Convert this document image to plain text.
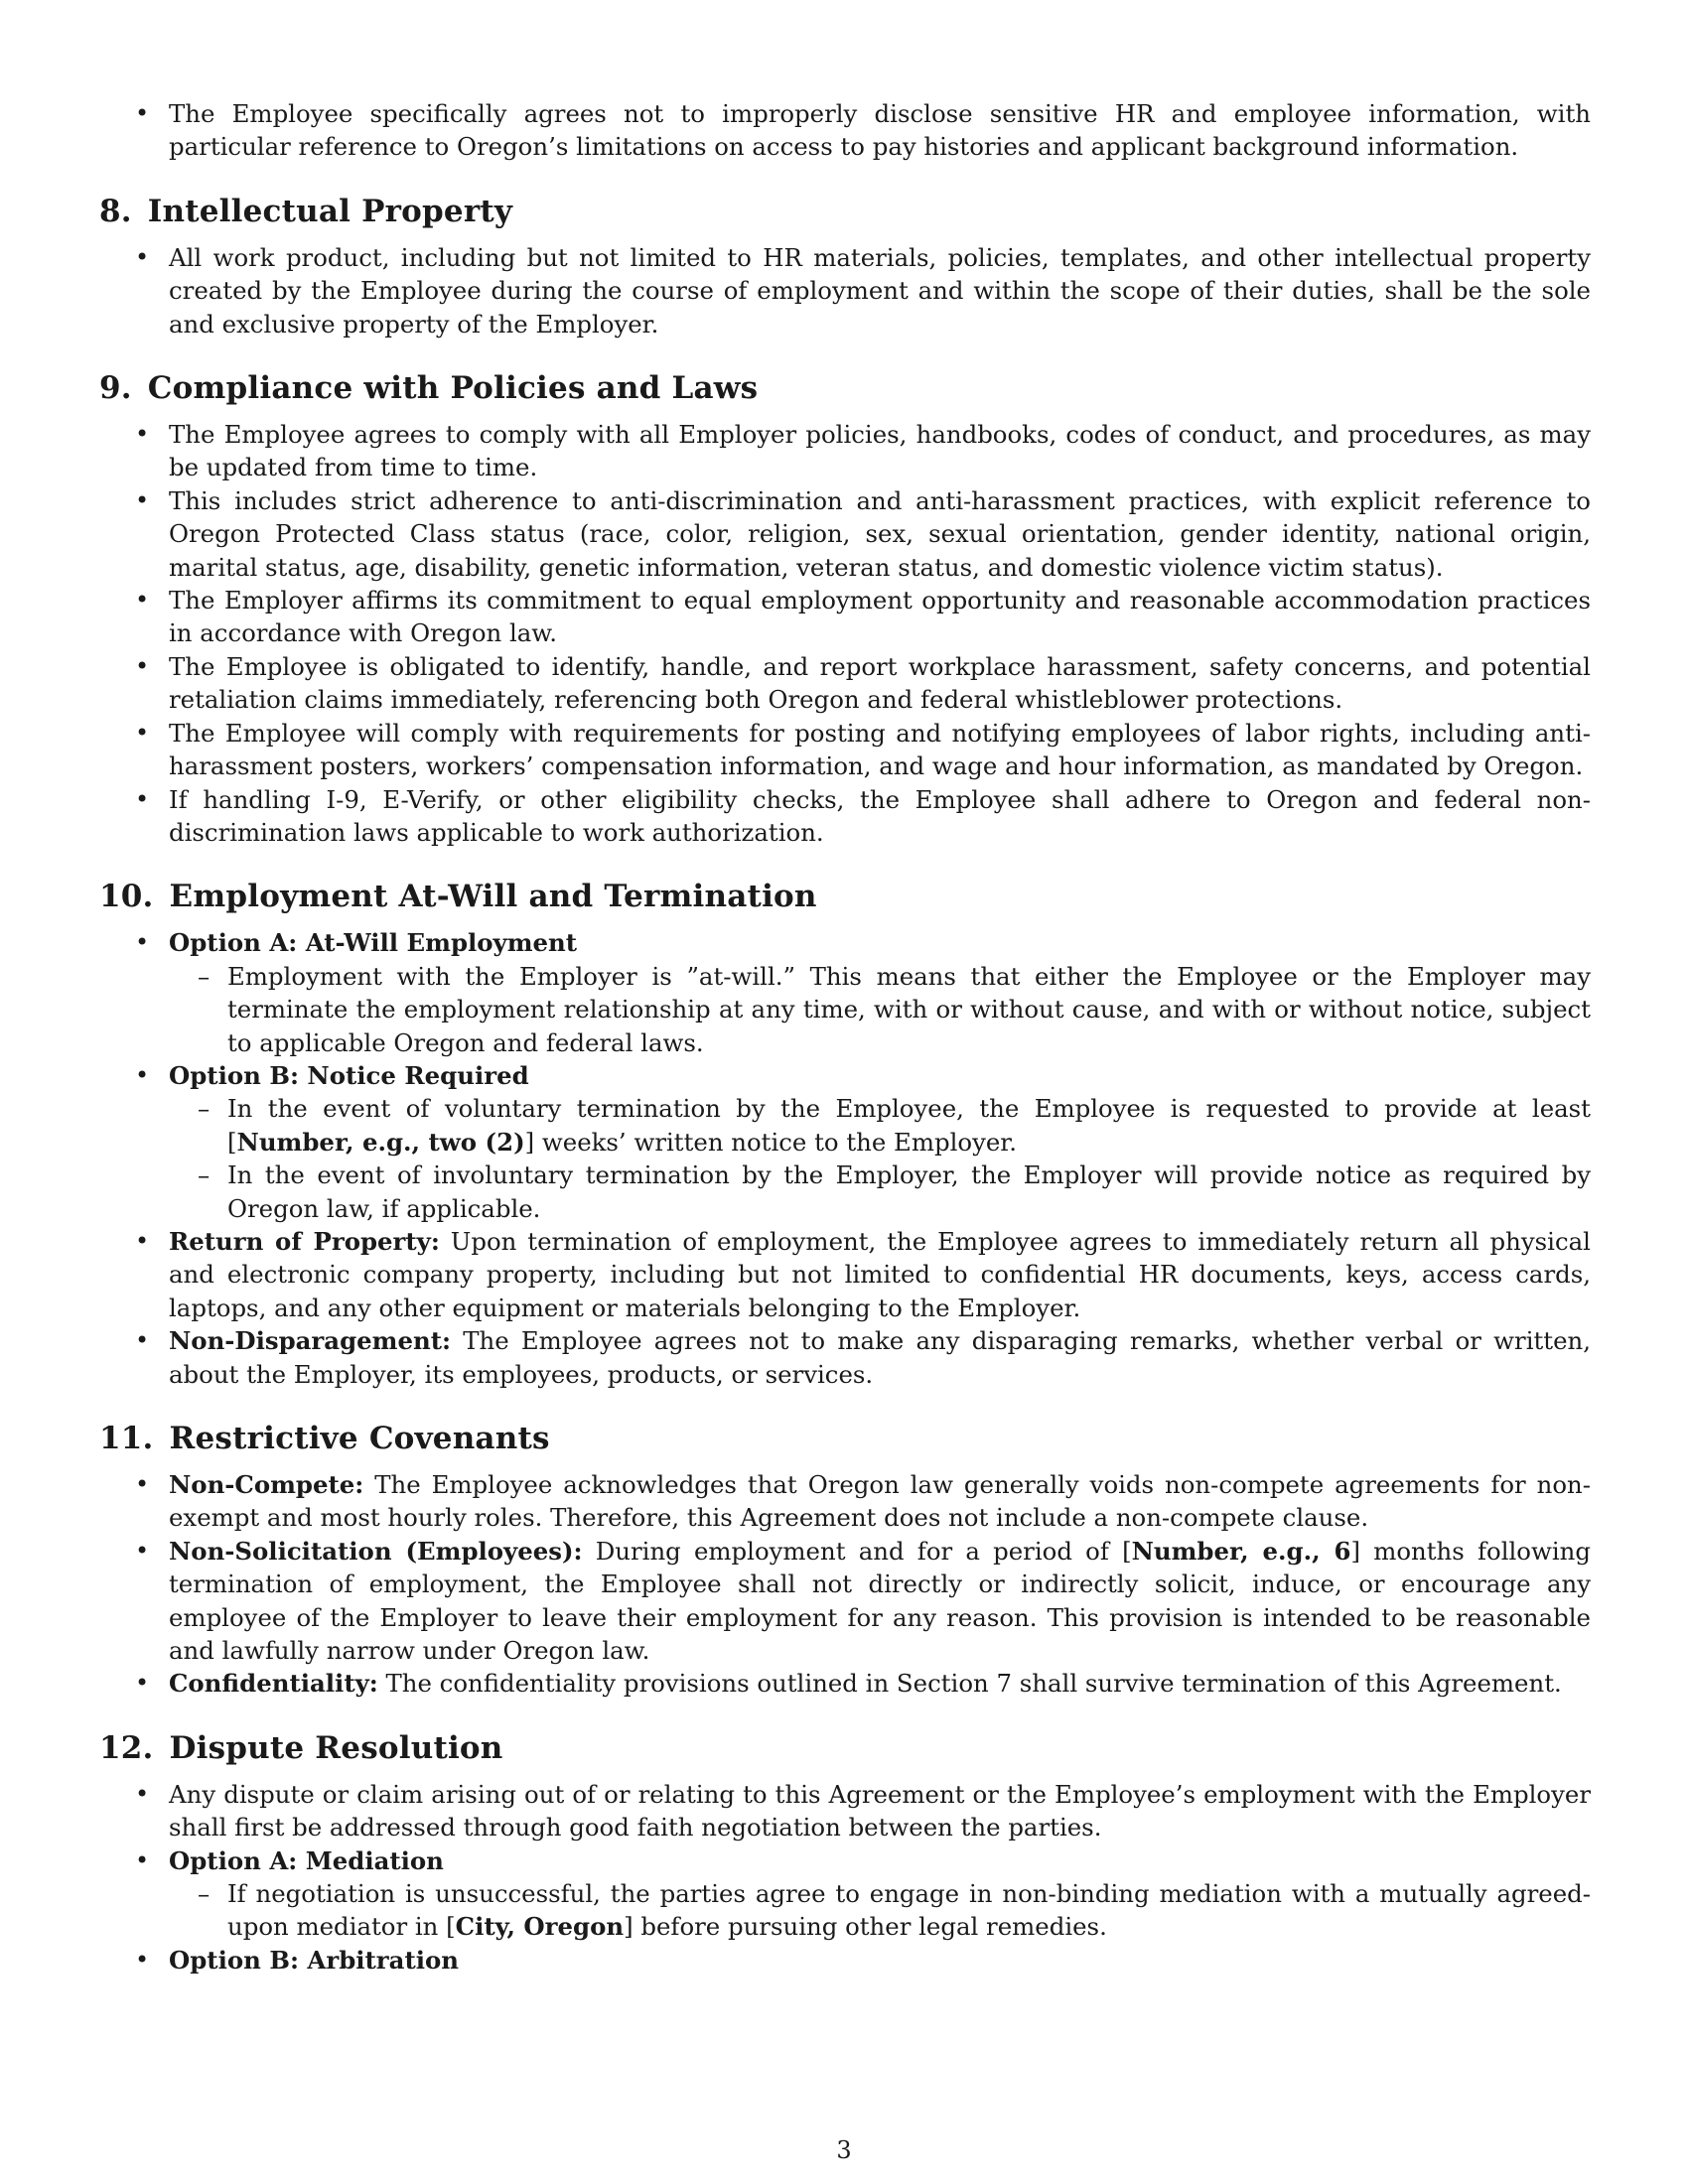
• The Employee specifically agrees not to improperly disclose sensitive HR and employee information, with particular reference to Oregon’s limitations on access to pay histories and applicant background information.
8. Intellectual Property
• All work product, including but not limited to HR materials, policies, templates, and other intellectual property created by the Employee during the course of employment and within the scope of their duties, shall be the sole and exclusive property of the Employer.
9. Compliance with Policies and Laws
• The Employee agrees to comply with all Employer policies, handbooks, codes of conduct, and procedures, as may be updated from time to time.
• This includes strict adherence to anti-discrimination and anti-harassment practices, with explicit reference to Oregon Protected Class status (race, color, religion, sex, sexual orientation, gender identity, national origin, marital status, age, disability, genetic information, veteran status, and domestic violence victim status).
• The Employer affirms its commitment to equal employment opportunity and reasonable accommodation practices in accordance with Oregon law.
• The Employee is obligated to identify, handle, and report workplace harassment, safety concerns, and potential retaliation claims immediately, referencing both Oregon and federal whistleblower protections.
• The Employee will comply with requirements for posting and notifying employees of labor rights, including anti-harassment posters, workers’ compensation information, and wage and hour information, as mandated by Oregon.
• If handling I-9, E-Verify, or other eligibility checks, the Employee shall adhere to Oregon and federal non-discrimination laws applicable to work authorization.
10. Employment At-Will and Termination
• Option A: At-Will Employment
– Employment with the Employer is ”at-will.” This means that either the Employee or the Employer may terminate the employment relationship at any time, with or without cause, and with or without notice, subject to applicable Oregon and federal laws.
• Option B: Notice Required
– In the event of voluntary termination by the Employee, the Employee is requested to provide at least [Number, e.g., two (2)] weeks’ written notice to the Employer.
– In the event of involuntary termination by the Employer, the Employer will provide notice as required by Oregon law, if applicable.
• Return of Property: Upon termination of employment, the Employee agrees to immediately return all physical and electronic company property, including but not limited to confidential HR documents, keys, access cards, laptops, and any other equipment or materials belonging to the Employer.
• Non-Disparagement: The Employee agrees not to make any disparaging remarks, whether verbal or written, about the Employer, its employees, products, or services.
11. Restrictive Covenants
• Non-Compete: The Employee acknowledges that Oregon law generally voids non-compete agreements for non-exempt and most hourly roles. Therefore, this Agreement does not include a non-compete clause.
• Non-Solicitation (Employees): During employment and for a period of [Number, e.g., 6] months following termination of employment, the Employee shall not directly or indirectly solicit, induce, or encourage any employee of the Employer to leave their employment for any reason. This provision is intended to be reasonable and lawfully narrow under Oregon law.
• Confidentiality: The confidentiality provisions outlined in Section 7 shall survive termination of this Agreement.
12. Dispute Resolution
• Any dispute or claim arising out of or relating to this Agreement or the Employee’s employment with the Employer shall first be addressed through good faith negotiation between the parties.
• Option A: Mediation
– If negotiation is unsuccessful, the parties agree to engage in non-binding mediation with a mutually agreed-upon mediator in [City, Oregon] before pursuing other legal remedies.
• Option B: Arbitration
3
